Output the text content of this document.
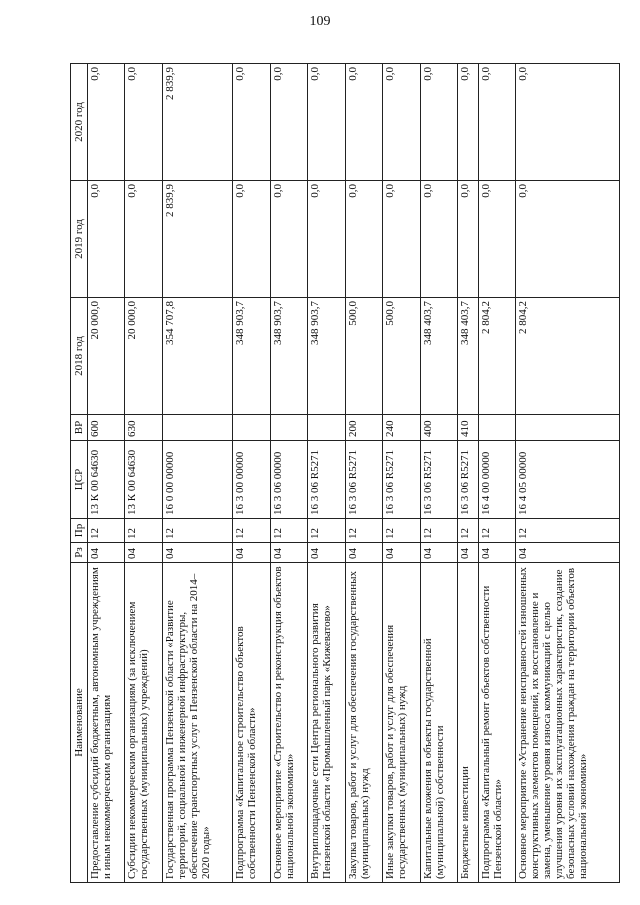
109
Наименование	Рз	Пр	ЦСР	ВР	2018 год	2019 год	2020 год
Предоставление субсидий бюджетным, автономным учреждениям и иным некоммерческим организациям	04	12	13 К 00 64630	600	20 000,0	0,0	0,0
Субсидии некоммерческим организациям (за исключением государственных (муниципальных) учреждений)	04	12	13 К 00 64630	630	20 000,0	0,0	0,0
Государственная программа Пензенской области «Развитие территорий, социальной и инженерной инфраструктуры, обеспечение транспортных услуг в Пензенской области на 2014–2020 годы»	04	12	16 0 00 00000		354 707,8	2 839,9	2 839,9
Подпрограмма «Капитальное строительство объектов собственности Пензенской области»	04	12	16 3 00 00000		348 903,7	0,0	0,0
Основное мероприятие «Строительство и реконструкция объектов национальной экономики»	04	12	16 3 06 00000		348 903,7	0,0	0,0
Внутриплощадочные сети Центра регионального развития Пензенской области «Промышленный парк «Кижеватово»	04	12	16 3 06 R5271		348 903,7	0,0	0,0
Закупка товаров, работ и услуг для обеспечения государственных (муниципальных) нужд	04	12	16 3 06 R5271	200	500,0	0,0	0,0
Иные закупки товаров, работ и услуг для обеспечения государственных (муниципальных) нужд	04	12	16 3 06 R5271	240	500,0	0,0	0,0
Капитальные вложения в объекты государственной (муниципальной) собственности	04	12	16 3 06 R5271	400	348 403,7	0,0	0,0
Бюджетные инвестиции	04	12	16 3 06 R5271	410	348 403,7	0,0	0,0
Подпрограмма «Капитальный ремонт объектов собственности Пензенской области»	04	12	16 4 00 00000		2 804,2	0,0	0,0
Основное мероприятие «Устранение неисправностей изношенных конструктивных элементов помещений, их восстановление и замена, уменьшение уровня износа коммуникаций с целью улучшения уровня их эксплуатационных характеристик, создание безопасных условий нахождения граждан на территории объектов национальной экономики»	04	12	16 4 05 00000		2 804,2	0,0	0,0
